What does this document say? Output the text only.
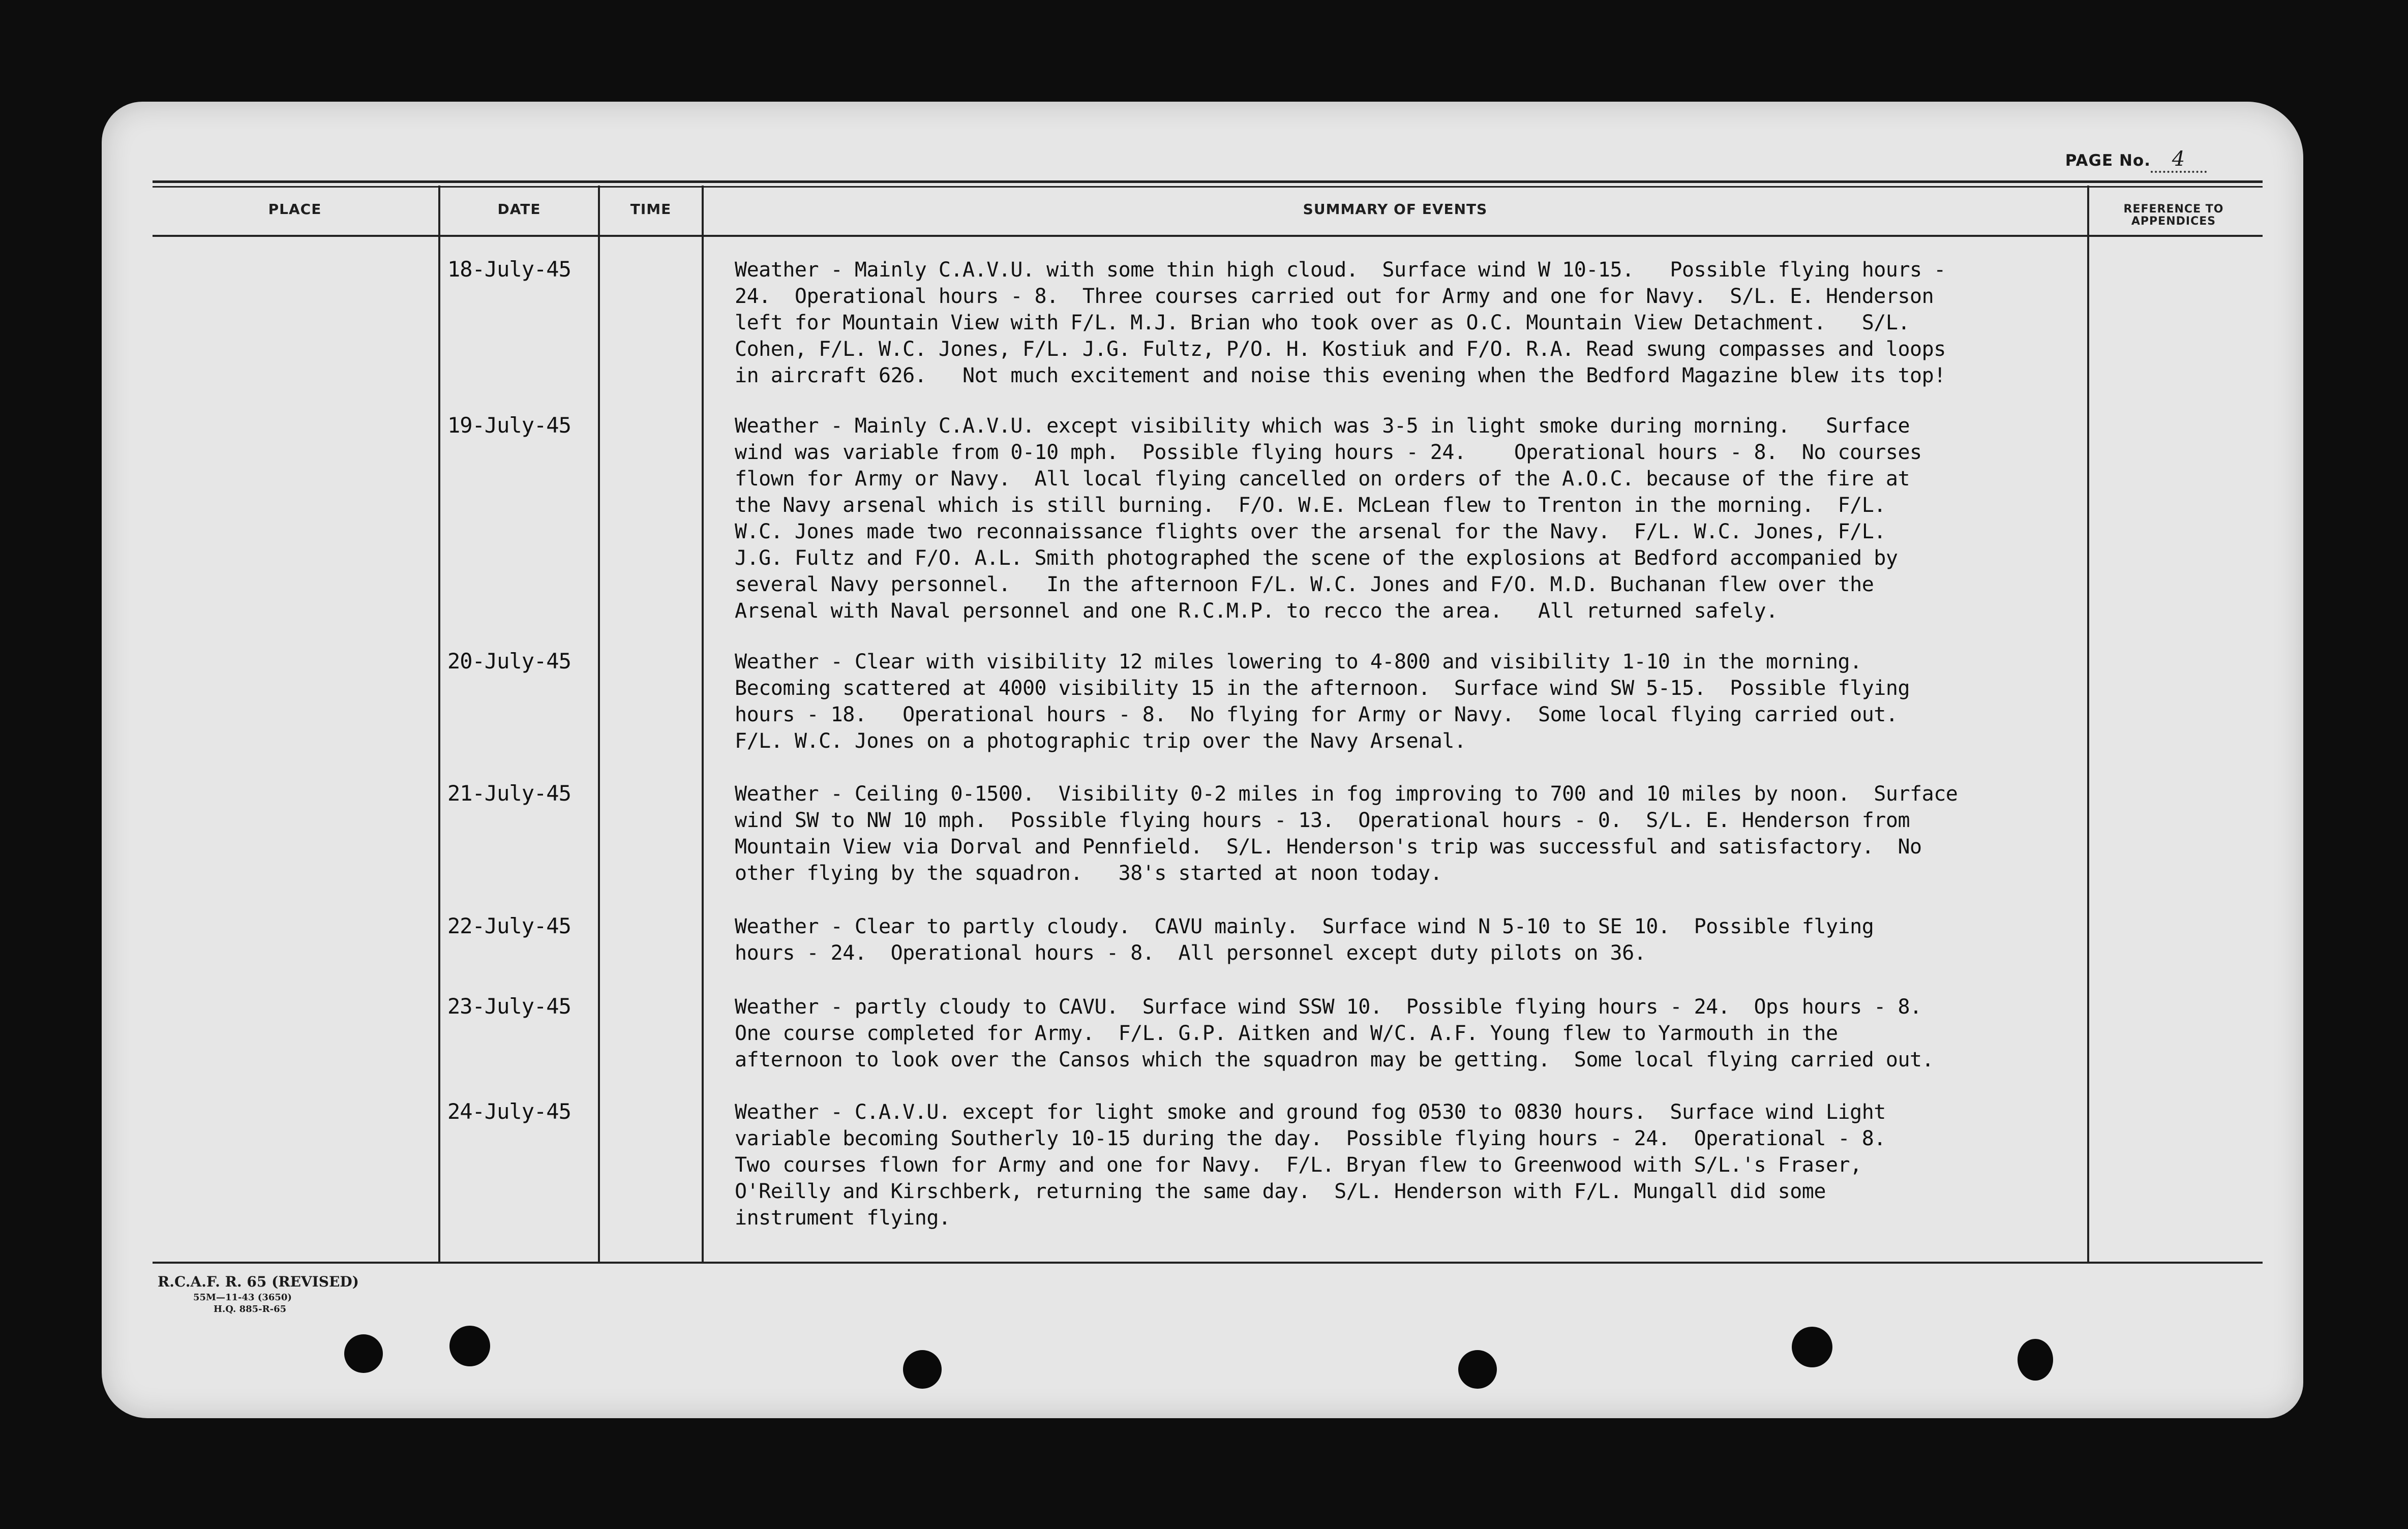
PAGE No. 4
PLACE	DATE	TIME	SUMMARY OF EVENTS	REFERENCE TO
APPENDICES
18-July-45	Weather - Mainly C.A.V.U. with some thin high cloud.  Surface wind W 10-15.   Possible flying hours -
24.  Operational hours - 8.  Three courses carried out for Army and one for Navy.  S/L. E. Henderson
left for Mountain View with F/L. M.J. Brian who took over as O.C. Mountain View Detachment.   S/L.
Cohen, F/L. W.C. Jones, F/L. J.G. Fultz, P/O. H. Kostiuk and F/O. R.A. Read swung compasses and loops
in aircraft 626.   Not much excitement and noise this evening when the Bedford Magazine blew its top!
19-July-45	Weather - Mainly C.A.V.U. except visibility which was 3-5 in light smoke during morning.   Surface
wind was variable from 0-10 mph.  Possible flying hours - 24.    Operational hours - 8.  No courses
flown for Army or Navy.  All local flying cancelled on orders of the A.O.C. because of the fire at
the Navy arsenal which is still burning.  F/O. W.E. McLean flew to Trenton in the morning.  F/L.
W.C. Jones made two reconnaissance flights over the arsenal for the Navy.  F/L. W.C. Jones, F/L.
J.G. Fultz and F/O. A.L. Smith photographed the scene of the explosions at Bedford accompanied by
several Navy personnel.   In the afternoon F/L. W.C. Jones and F/O. M.D. Buchanan flew over the
Arsenal with Naval personnel and one R.C.M.P. to recco the area.   All returned safely.
20-July-45	Weather - Clear with visibility 12 miles lowering to 4-800 and visibility 1-10 in the morning.
Becoming scattered at 4000 visibility 15 in the afternoon.  Surface wind SW 5-15.  Possible flying
hours - 18.   Operational hours - 8.  No flying for Army or Navy.  Some local flying carried out.
F/L. W.C. Jones on a photographic trip over the Navy Arsenal.
21-July-45	Weather - Ceiling 0-1500.  Visibility 0-2 miles in fog improving to 700 and 10 miles by noon.  Surface
wind SW to NW 10 mph.  Possible flying hours - 13.  Operational hours - 0.  S/L. E. Henderson from
Mountain View via Dorval and Pennfield.  S/L. Henderson's trip was successful and satisfactory.  No
other flying by the squadron.   38's started at noon today.
22-July-45	Weather - Clear to partly cloudy.  CAVU mainly.  Surface wind N 5-10 to SE 10.  Possible flying
hours - 24.  Operational hours - 8.  All personnel except duty pilots on 36.
23-July-45	Weather - partly cloudy to CAVU.  Surface wind SSW 10.  Possible flying hours - 24.  Ops hours - 8.
One course completed for Army.  F/L. G.P. Aitken and W/C. A.F. Young flew to Yarmouth in the
afternoon to look over the Cansos which the squadron may be getting.  Some local flying carried out.
24-July-45	Weather - C.A.V.U. except for light smoke and ground fog 0530 to 0830 hours.  Surface wind Light
variable becoming Southerly 10-15 during the day.  Possible flying hours - 24.  Operational - 8.
Two courses flown for Army and one for Navy.  F/L. Bryan flew to Greenwood with S/L.'s Fraser,
O'Reilly and Kirschberk, returning the same day.  S/L. Henderson with F/L. Mungall did some
instrument flying.
R.C.A.F. R. 65 (REVISED)
55M—11-43 (3650)
H.Q. 885-R-65
